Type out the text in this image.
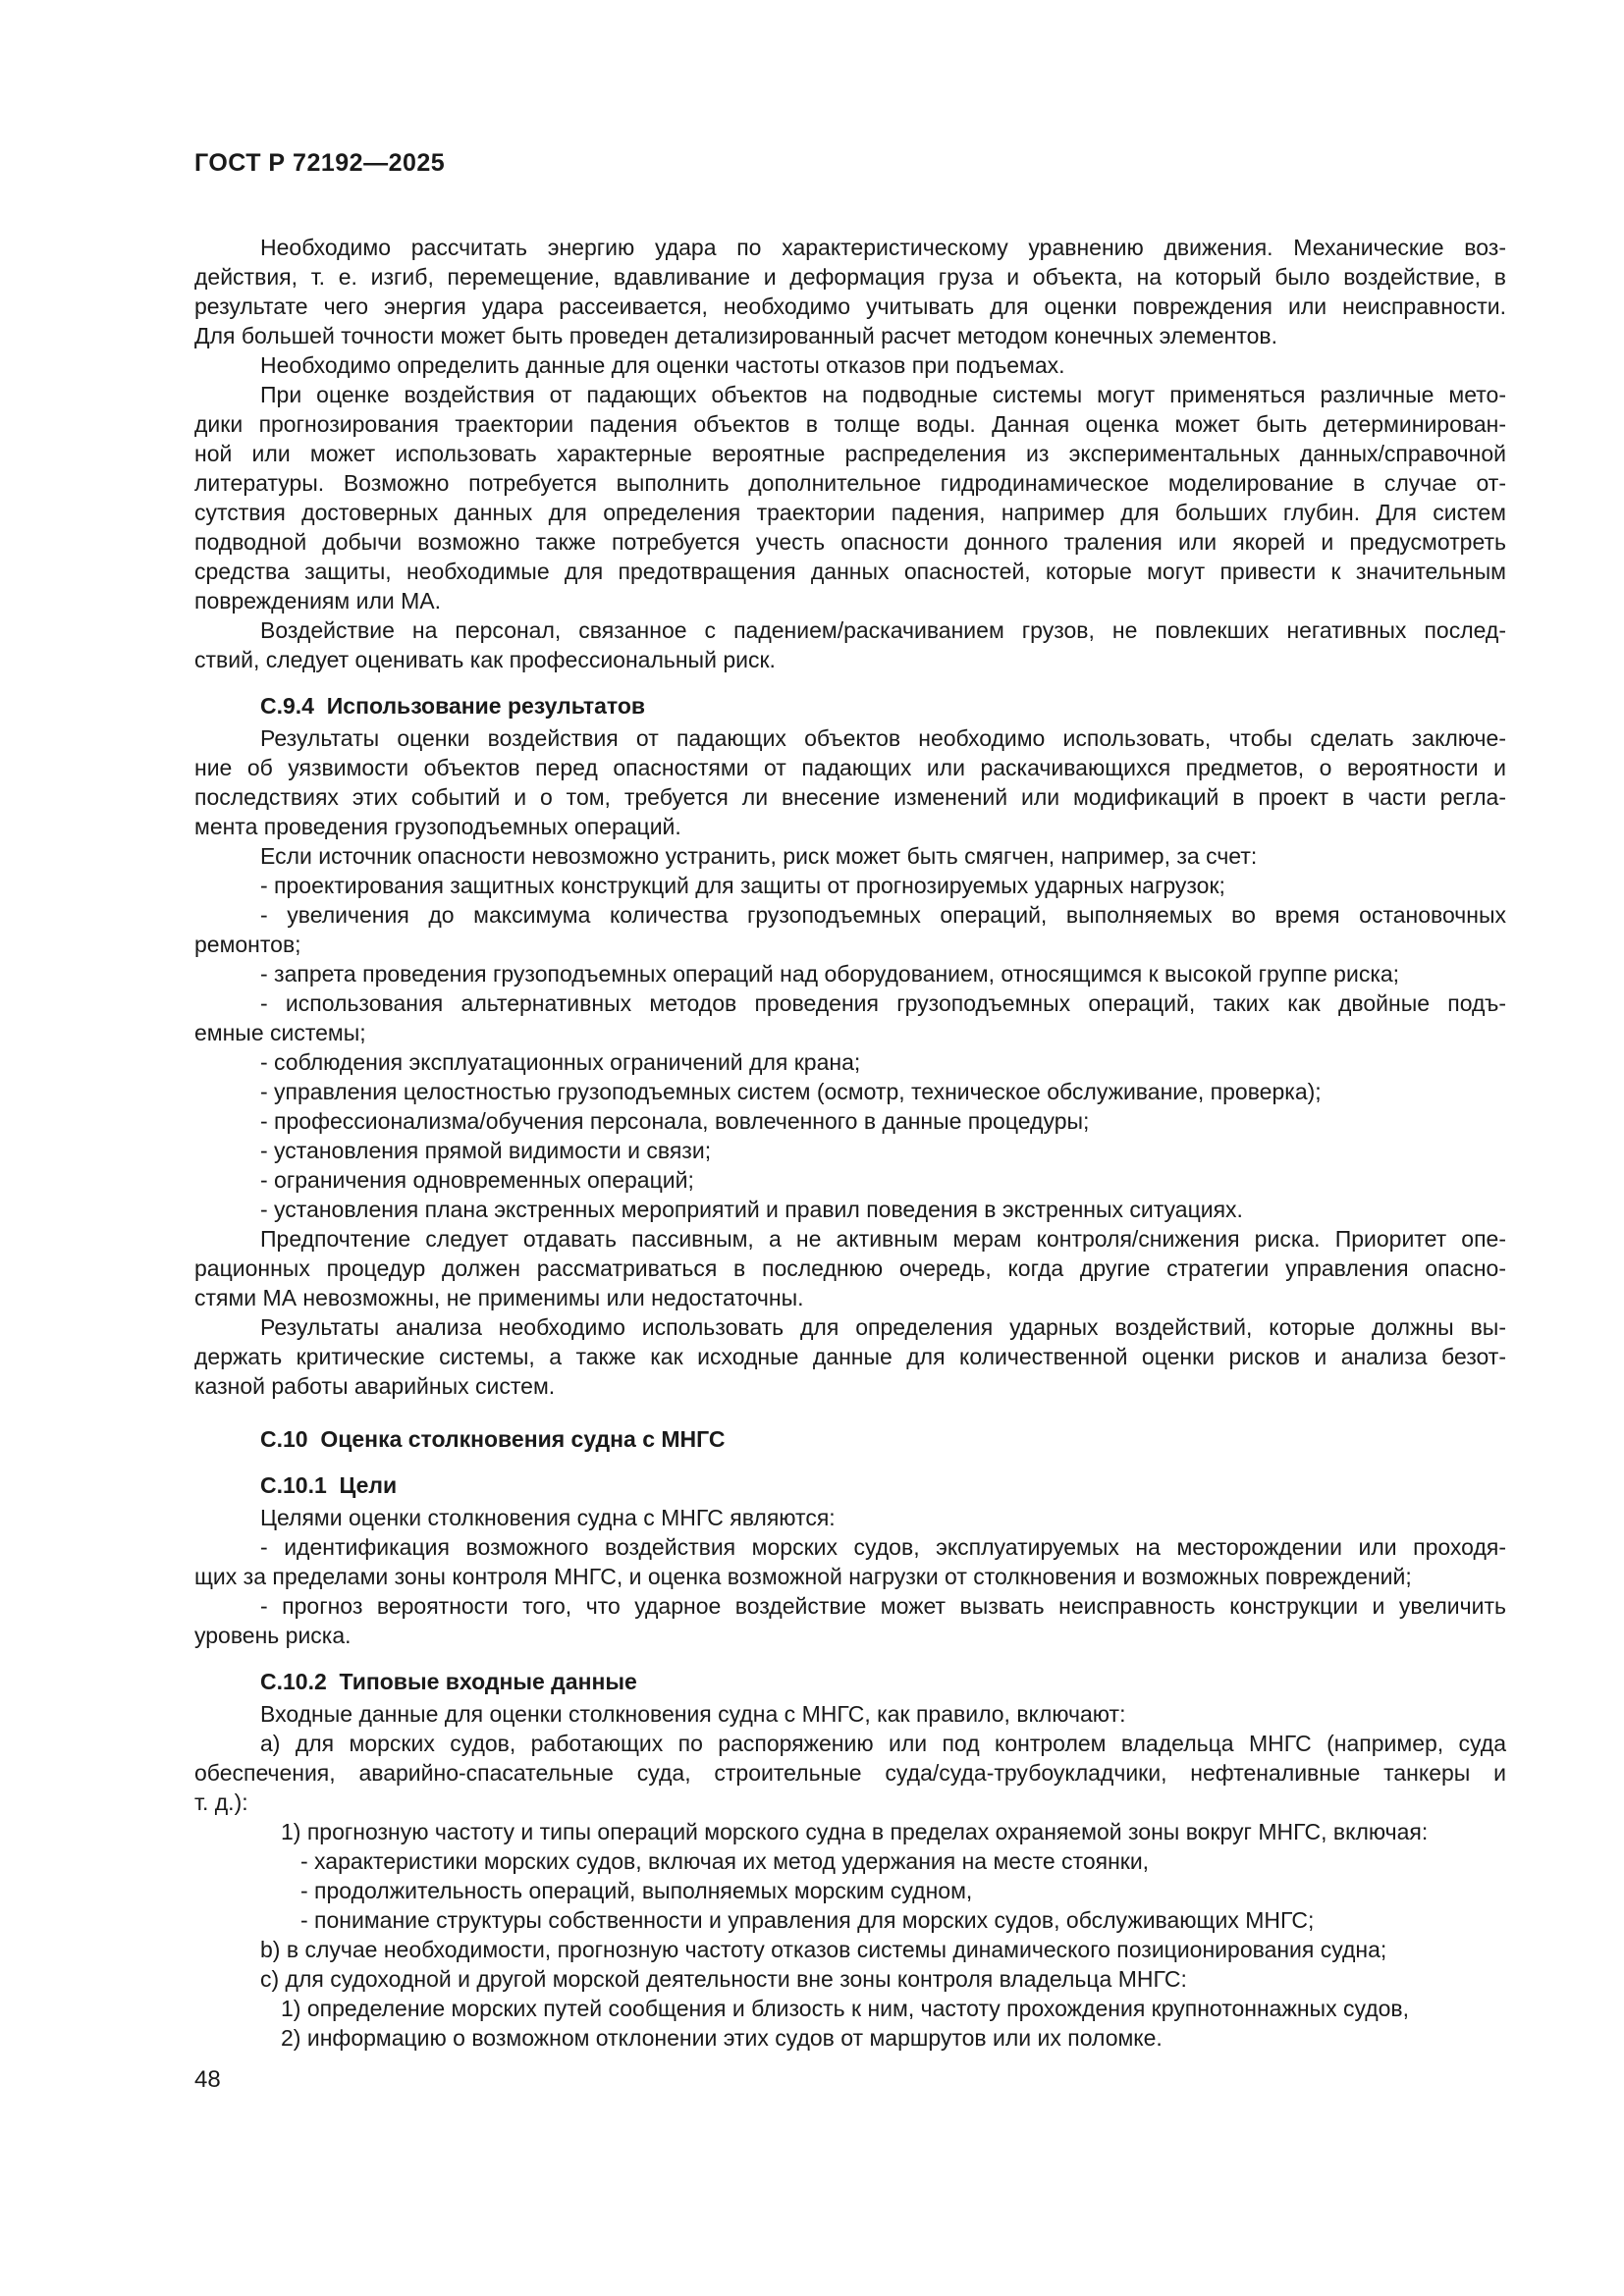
ГОСТ Р 72192—2025
Необходимо рассчитать энергию удара по характеристическому уравнению движения. Механические воз-
действия, т. е. изгиб, перемещение, вдавливание и деформация груза и объекта, на который было воздействие, в
результате чего энергия удара рассеивается, необходимо учитывать для оценки повреждения или неисправности.
Для большей точности может быть проведен детализированный расчет методом конечных элементов.
Необходимо определить данные для оценки частоты отказов при подъемах.
При оценке воздействия от падающих объектов на подводные системы могут применяться различные мето-
дики прогнозирования траектории падения объектов в толще воды. Данная оценка может быть детерминирован-
ной или может использовать характерные вероятные распределения из экспериментальных данных/справочной
литературы. Возможно потребуется выполнить дополнительное гидродинамическое моделирование в случае от-
сутствия достоверных данных для определения траектории падения, например для больших глубин. Для систем
подводной добычи возможно также потребуется учесть опасности донного траления или якорей и предусмотреть
средства защиты, необходимые для предотвращения данных опасностей, которые могут привести к значительным
повреждениям или МА.
Воздействие на персонал, связанное с падением/раскачиванием грузов, не повлекших негативных послед-
ствий, следует оценивать как профессиональный риск.
С.9.4  Использование результатов
Результаты оценки воздействия от падающих объектов необходимо использовать, чтобы сделать заключе-
ние об уязвимости объектов перед опасностями от падающих или раскачивающихся предметов, о вероятности и
последствиях этих событий и о том, требуется ли внесение изменений или модификаций в проект в части регла-
мента проведения грузоподъемных операций.
Если источник опасности невозможно устранить, риск может быть смягчен, например, за счет:
- проектирования защитных конструкций для защиты от прогнозируемых ударных нагрузок;
- увеличения до максимума количества грузоподъемных операций, выполняемых во время остановочных
ремонтов;
- запрета проведения грузоподъемных операций над оборудованием, относящимся к высокой группе риска;
- использования альтернативных методов проведения грузоподъемных операций, таких как двойные подъ-
емные системы;
- соблюдения эксплуатационных ограничений для крана;
- управления целостностью грузоподъемных систем (осмотр, техническое обслуживание, проверка);
- профессионализма/обучения персонала, вовлеченного в данные процедуры;
- установления прямой видимости и связи;
- ограничения одновременных операций;
- установления плана экстренных мероприятий и правил поведения в экстренных ситуациях.
Предпочтение следует отдавать пассивным, а не активным мерам контроля/снижения риска. Приоритет опе-
рационных процедур должен рассматриваться в последнюю очередь, когда другие стратегии управления опасно-
стями МА невозможны, не применимы или недостаточны.
Результаты анализа необходимо использовать для определения ударных воздействий, которые должны вы-
держать критические системы, а также как исходные данные для количественной оценки рисков и анализа безот-
казной работы аварийных систем.
С.10  Оценка столкновения судна с МНГС
С.10.1  Цели
Целями оценки столкновения судна с МНГС являются:
- идентификация возможного воздействия морских судов, эксплуатируемых на месторождении или проходя-
щих за пределами зоны контроля МНГС, и оценка возможной нагрузки от столкновения и возможных повреждений;
- прогноз вероятности того, что ударное воздействие может вызвать неисправность конструкции и увеличить
уровень риска.
С.10.2  Типовые входные данные
Входные данные для оценки столкновения судна с МНГС, как правило, включают:
а) для морских судов, работающих по распоряжению или под контролем владельца МНГС (например, суда
обеспечения, аварийно-спасательные суда, строительные суда/суда-трубоукладчики, нефтеналивные танкеры и
т. д.):
1) прогнозную частоту и типы операций морского судна в пределах охраняемой зоны вокруг МНГС, включая:
- характеристики морских судов, включая их метод удержания на месте стоянки,
- продолжительность операций, выполняемых морским судном,
- понимание структуры собственности и управления для морских судов, обслуживающих МНГС;
b) в случае необходимости, прогнозную частоту отказов системы динамического позиционирования судна;
c) для судоходной и другой морской деятельности вне зоны контроля владельца МНГС:
1) определение морских путей сообщения и близость к ним, частоту прохождения крупнотоннажных судов,
2) информацию о возможном отклонении этих судов от маршрутов или их поломке.
48
